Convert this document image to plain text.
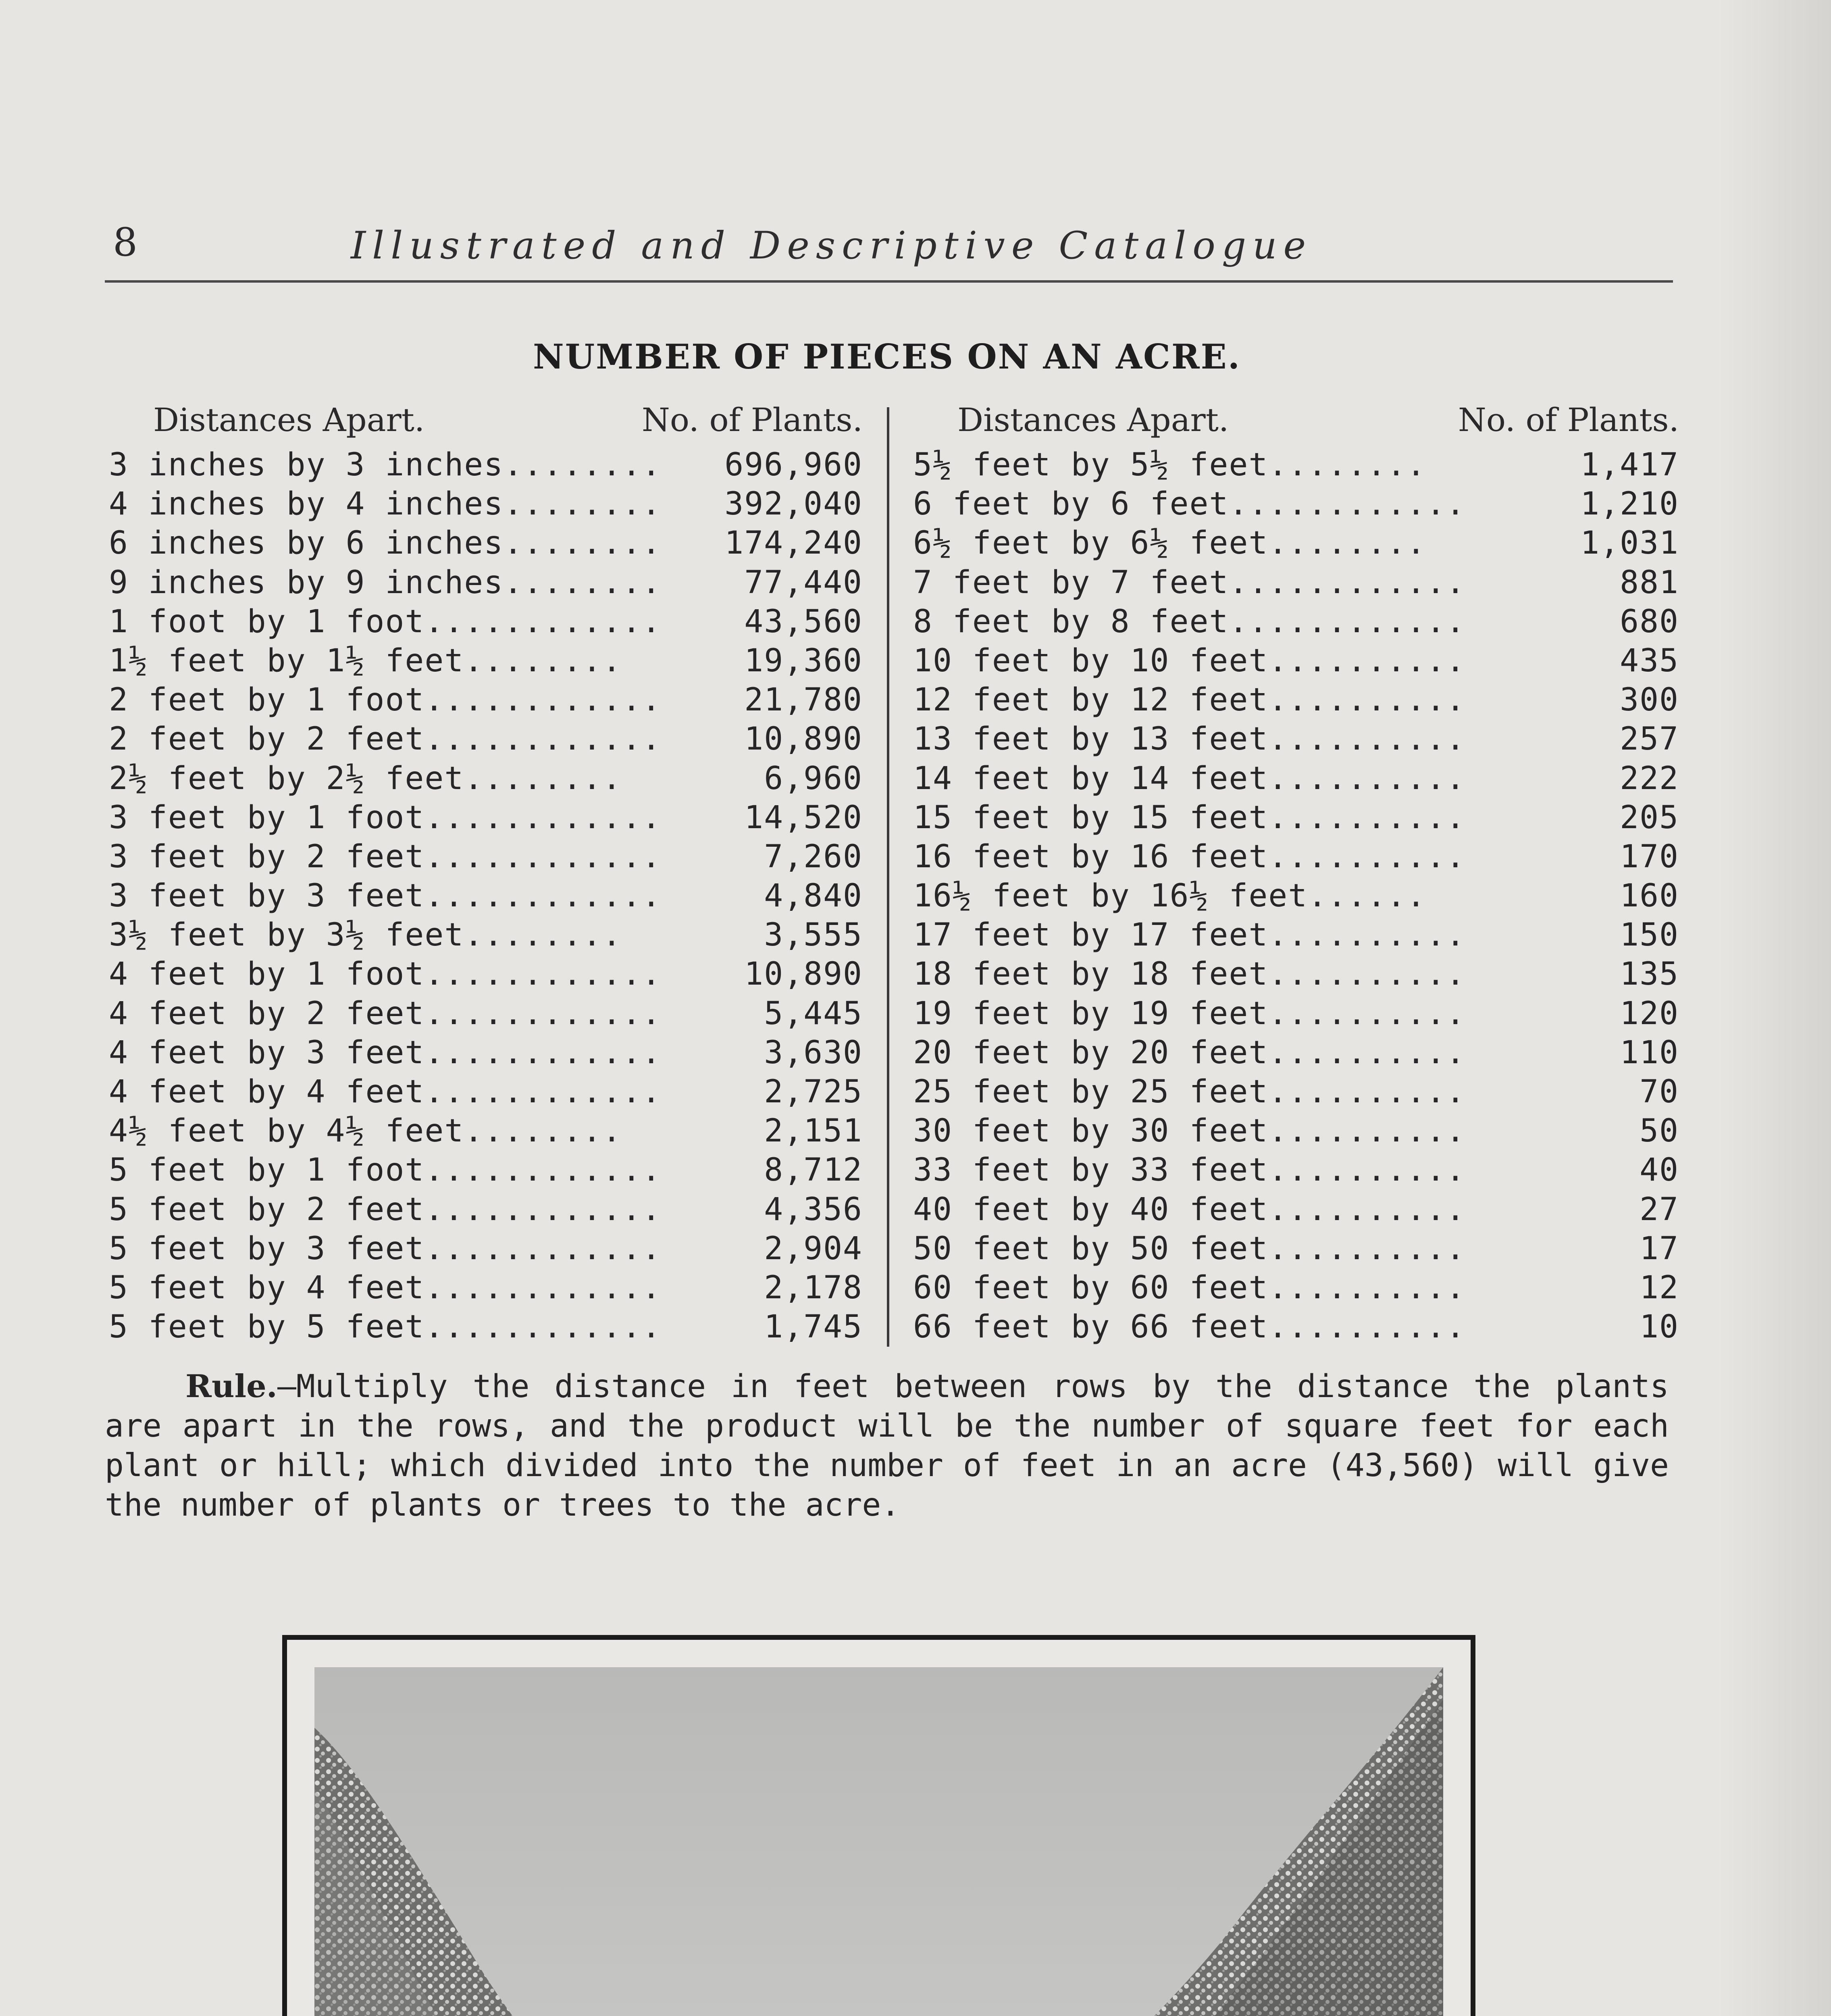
8	Illustrated and Descriptive Catalogue
NUMBER OF PIECES ON AN ACRE.
Distances Apart.	No. of Plants.
3 inches by 3 inches........ 696,960
4 inches by 4 inches........ 392,040
6 inches by 6 inches........ 174,240
9 inches by 9 inches........	77,440
1 foot by 1 foot............	43,560
1½ feet by 1½ feet........	19,360
2 feet by 1 foot............	21,780
2 feet by 2 feet............	10,890
2½ feet by 2½ feet........	6,960
3 feet by 1 foot............	14,520
3 feet by 2 feet............	7,260
3 feet by 3 feet............	4,840
3½ feet by 3½ feet........	3,555
4 feet by 1 foot............	10,890
4 feet by 2 feet............	5,445
4 feet by 3 feet............	3,630
4 feet by 4 feet............	2,725
4½ feet by 4½ feet........	2,151
5 feet by 1 foot............	8,712
5 feet by 2 feet............	4,356
5 feet by 3 feet............	2,904
5 feet by 4 feet............	2,178
5 feet by 5 feet............	1,745
Distances Apart.	No. of Plants.
5½ feet by 5½ feet........	1,417
6 feet by 6 feet............	1,210
6½ feet by 6½ feet........	1,031
7 feet by 7 feet............	881
8 feet by 8 feet............	680
10 feet by 10 feet..........	435
12 feet by 12 feet..........	300
13 feet by 13 feet..........	257
14 feet by 14 feet..........	222
15 feet by 15 feet..........	205
16 feet by 16 feet..........	170
16½ feet by 16½ feet......	160
17 feet by 17 feet..........	150
18 feet by 18 feet..........	135
19 feet by 19 feet..........	120
20 feet by 20 feet..........	110
25 feet by 25 feet..........	70
30 feet by 30 feet..........	50
33 feet by 33 feet..........	40
40 feet by 40 feet..........	27
50 feet by 50 feet..........	17
60 feet by 60 feet..........	12
66 feet by 66 feet..........	10
Rule.—Multiply the distance in feet between rows by the distance the plants are apart in the rows, and the product will be the number of square feet for each plant or hill; which divided into the number of feet in an acre (43,560) will give the number of plants or trees to the acre.
